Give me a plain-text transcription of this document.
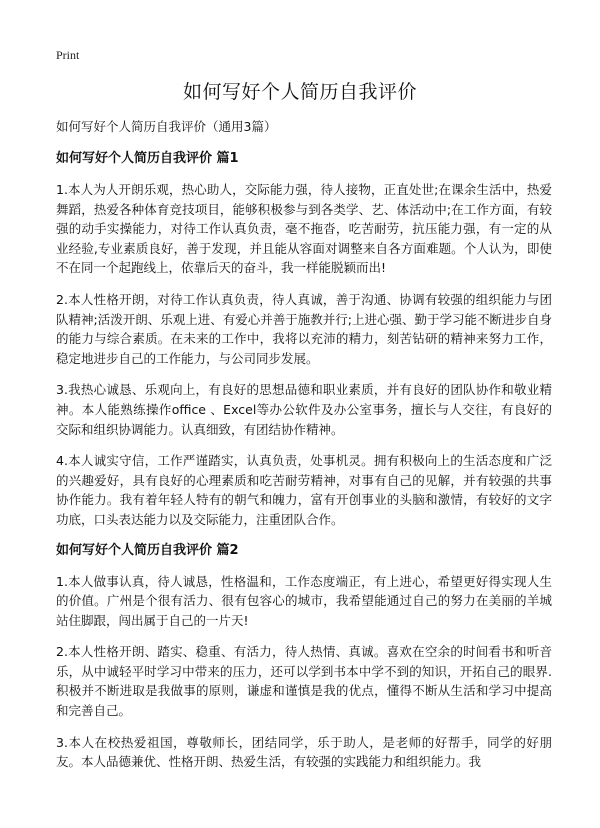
Print
如何写好个人简历自我评价

如何写好个人简历自我评价（通用3篇）

如何写好个人简历自我评价 篇1

1.本人为人开朗乐观，热心助人，交际能力强，待人接物，正直处世;在课余生活中，热爱舞蹈，热爱各种体育竞技项目，能够积极参与到各类学、艺、体活动中;在工作方面，有较强的动手实操能力，对待工作认真负责，毫不拖沓，吃苦耐劳，抗压能力强，有一定的从业经验,专业素质良好，善于发现，并且能从容面对调整来自各方面难题。个人认为，即使不在同一个起跑线上，依靠后天的奋斗，我一样能脱颖而出!

2.本人性格开朗，对待工作认真负责，待人真诚，善于沟通、协调有较强的组织能力与团队精神;活泼开朗、乐观上进、有爱心并善于施教并行;上进心强、勤于学习能不断进步自身的能力与综合素质。在未来的工作中，我将以充沛的精力，刻苦钻研的精神来努力工作，稳定地进步自己的工作能力，与公司同步发展。

3.我热心诚恳、乐观向上，有良好的思想品德和职业素质，并有良好的团队协作和敬业精神。本人能熟练操作office 、Excel等办公软件及办公室事务，擅长与人交往，有良好的交际和组织协调能力。认真细致，有团结协作精神。

4.本人诚实守信，工作严谨踏实，认真负责，处事机灵。拥有积极向上的生活态度和广泛的兴趣爱好，具有良好的心理素质和吃苦耐劳精神，对事有自己的见解，并有较强的共事协作能力。我有着年轻人特有的朝气和魄力，富有开创事业的头脑和激情，有较好的文字功底，口头表达能力以及交际能力，注重团队合作。

如何写好个人简历自我评价 篇2

1.本人做事认真，待人诚恳，性格温和，工作态度端正，有上进心，希望更好得实现人生的价值。广州是个很有活力、很有包容心的城市，我希望能通过自己的努力在美丽的羊城站住脚跟，闯出属于自己的一片天!

2.本人性格开朗、踏实、稳重、有活力，待人热情、真诚。喜欢在空余的时间看书和听音乐，从中诚轻平时学习中带来的压力，还可以学到书本中学不到的知识，开拓自己的眼界. 积极并不断进取是我做事的原则，谦虚和谨慎是我的优点，懂得不断从生活和学习中提高和完善自己。

3.本人在校热爱祖国，尊敬师长，团结同学，乐于助人，是老师的好帮手，同学的好朋友。本人品德兼优、性格开朗、热爱生活，有较强的实践能力和组织能力。我
